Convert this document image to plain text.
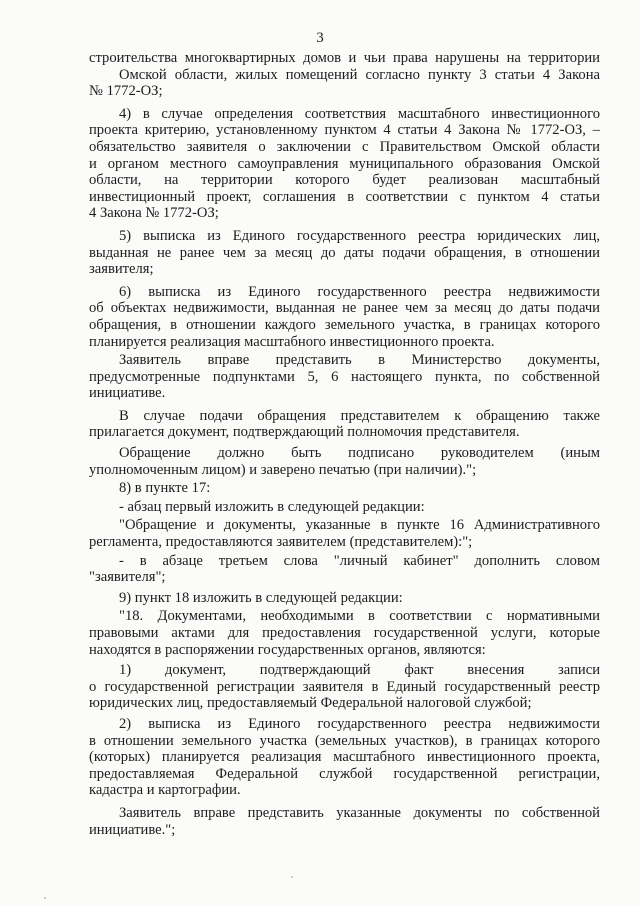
3
строительства многоквартирных домов и чьи права нарушены на территории
Омской области, жилых помещений согласно пункту 3 статьи 4 Закона
№ 1772-ОЗ;
4) в случае определения соответствия масштабного инвестиционного
проекта критерию, установленному пунктом 4 статьи 4 Закона № 1772-ОЗ, –
обязательство заявителя о заключении с Правительством Омской области
и органом местного самоуправления муниципального образования Омской
области, на территории которого будет реализован масштабный
инвестиционный проект, соглашения в соответствии с пунктом 4 статьи
4 Закона № 1772-ОЗ;
5) выписка из Единого государственного реестра юридических лиц,
выданная не ранее чем за месяц до даты подачи обращения, в отношении
заявителя;
6) выписка из Единого государственного реестра недвижимости
об объектах недвижимости, выданная не ранее чем за месяц до даты подачи
обращения, в отношении каждого земельного участка, в границах которого
планируется реализация масштабного инвестиционного проекта.
Заявитель вправе представить в Министерство документы,
предусмотренные подпунктами 5, 6 настоящего пункта, по собственной
инициативе.
В случае подачи обращения представителем к обращению также
прилагается документ, подтверждающий полномочия представителя.
Обращение должно быть подписано руководителем (иным
уполномоченным лицом) и заверено печатью (при наличии).";
8) в пункте 17:
- абзац первый изложить в следующей редакции:
"Обращение и документы, указанные в пункте 16 Административного
регламента, предоставляются заявителем (представителем):";
- в абзаце третьем слова "личный кабинет" дополнить словом
"заявителя";
9) пункт 18 изложить в следующей редакции:
"18. Документами, необходимыми в соответствии с нормативными
правовыми актами для предоставления государственной услуги, которые
находятся в распоряжении государственных органов, являются:
1) документ, подтверждающий факт внесения записи
о государственной регистрации заявителя в Единый государственный реестр
юридических лиц, предоставляемый Федеральной налоговой службой;
2) выписка из Единого государственного реестра недвижимости
в отношении земельного участка (земельных участков), в границах которого
(которых) планируется реализация масштабного инвестиционного проекта,
предоставляемая Федеральной службой государственной регистрации,
кадастра и картографии.
Заявитель вправе представить указанные документы по собственной
инициативе.";
